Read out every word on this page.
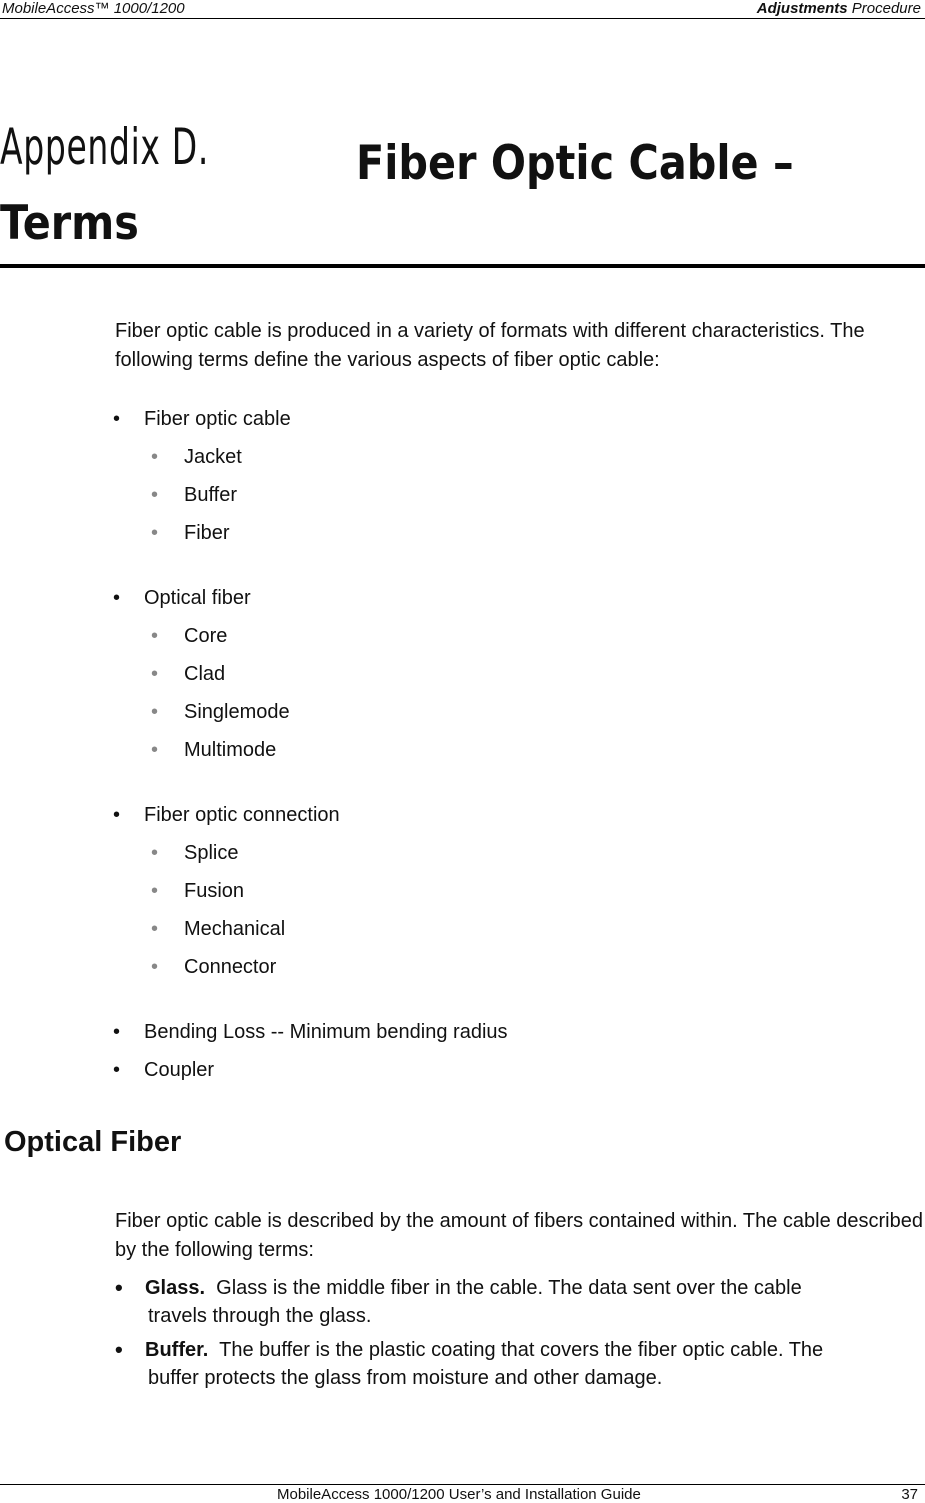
MobileAccess™ 1000/1200	Adjustments Procedure
Appendix D.	Fiber Optic Cable –
Terms
Fiber optic cable is produced in a variety of formats with different characteristics. The following terms define the various aspects of fiber optic cable:
• Fiber optic cable
• Jacket
• Buffer
• Fiber
• Optical fiber
• Core
• Clad
• Singlemode
• Multimode
• Fiber optic connection
• Splice
• Fusion
• Mechanical
• Connector
• Bending Loss -- Minimum bending radius
• Coupler
Optical Fiber
Fiber optic cable is described by the amount of fibers contained within. The cable described by the following terms:
• Glass. Glass is the middle fiber in the cable. The data sent over the cable
travels through the glass.
• Buffer. The buffer is the plastic coating that covers the fiber optic cable. The
buffer protects the glass from moisture and other damage.
MobileAccess 1000/1200 User’s and Installation Guide	37
